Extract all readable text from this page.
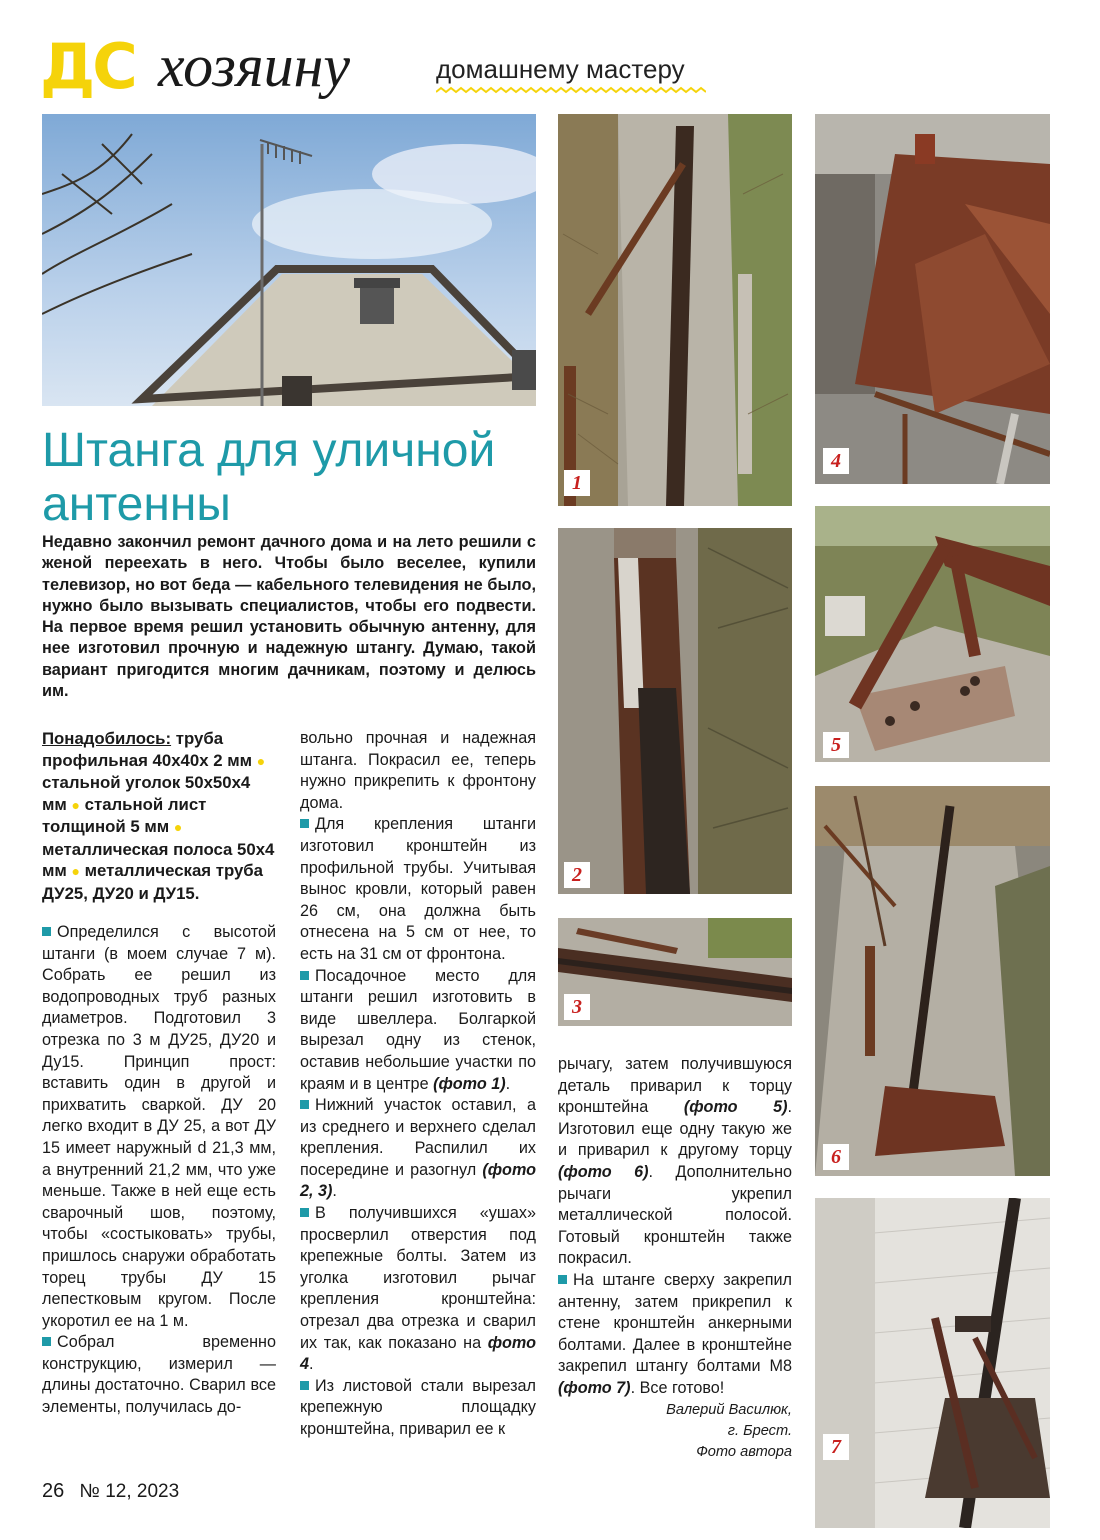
ДС хозяину	домашнему мастеру
Штанга для уличной
антенны
Недавно закончил ремонт дачного дома и на лето решили с женой переехать в него. Чтобы было веселее, купили телевизор, но вот беда — кабельного телевидения не было, нужно было вызывать специалистов, чтобы его подвести. На первое время решил установить обычную антенну, для нее изготовил прочную и надежную штангу. Думаю, такой вариант пригодится многим дачникам, поэтому и делюсь им.

Понадобилось: труба профильная 40х40х 2 мм ● стальной уголок 50х50х4 мм ● стальной лист толщиной 5 мм ● металлическая полоса 50х4 мм ● металлическая труба ДУ25, ДУ20 и ДУ15.

Определился с высотой штанги (в моем случае 7 м). Собрать ее решил из водопроводных труб разных диаметров. Подготовил 3 отрезка по 3 м ДУ25, ДУ20 и Ду15. Принцип прост: вставить один в другой и прихватить сваркой. ДУ 20 легко входит в ДУ 25, а вот ДУ 15 имеет наружный d 21,3 мм, а внутренний 21,2 мм, что уже меньше. Также в ней еще есть сварочный шов, поэтому, чтобы «состыковать» трубы, пришлось снаружи обработать торец трубы ДУ 15 лепестковым кругом. После укоротил ее на 1 м.

Собрал временно конструкцию, измерил — длины достаточно. Сварил все элементы, получилась до-

вольно прочная и надежная штанга. Покрасил ее, теперь нужно прикрепить к фронтону дома.

Для крепления штанги изготовил кронштейн из профильной трубы. Учитывая вынос кровли, который равен 26 см, она должна быть отнесена на 5 см от нее, то есть на 31 см от фронтона.

Посадочное место для штанги решил изготовить в виде швеллера. Болгаркой вырезал одну из стенок, оставив небольшие участки по краям и в центре (фото 1).

Нижний участок оставил, а из среднего и верхнего сделал крепления. Распилил их посередине и разогнул (фото 2, 3).

В получившихся «ушах» просверлил отверстия под крепежные болты. Затем из уголка изготовил рычаг крепления кронштейна: отрезал два отрезка и сварил их так, как показано на фото 4.

Из листовой стали вырезал крепежную площадку кронштейна, приварил ее к

рычагу, затем получившуюся деталь приварил к торцу кронштейна (фото 5). Изготовил еще одну такую же и приварил к другому торцу (фото 6). Дополнительно рычаги укрепил металлической полосой. Готовый кронштейн также покрасил.

На штанге сверху закрепил антенну, затем прикрепил к стене кронштейн анкерными болтами. Далее в кронштейне закрепил штангу болтами М8 (фото 7). Все готово!

Валерий Василюк,
г. Брест.
Фото автора
1
2
3
4
5
6
7
26 № 12, 2023
